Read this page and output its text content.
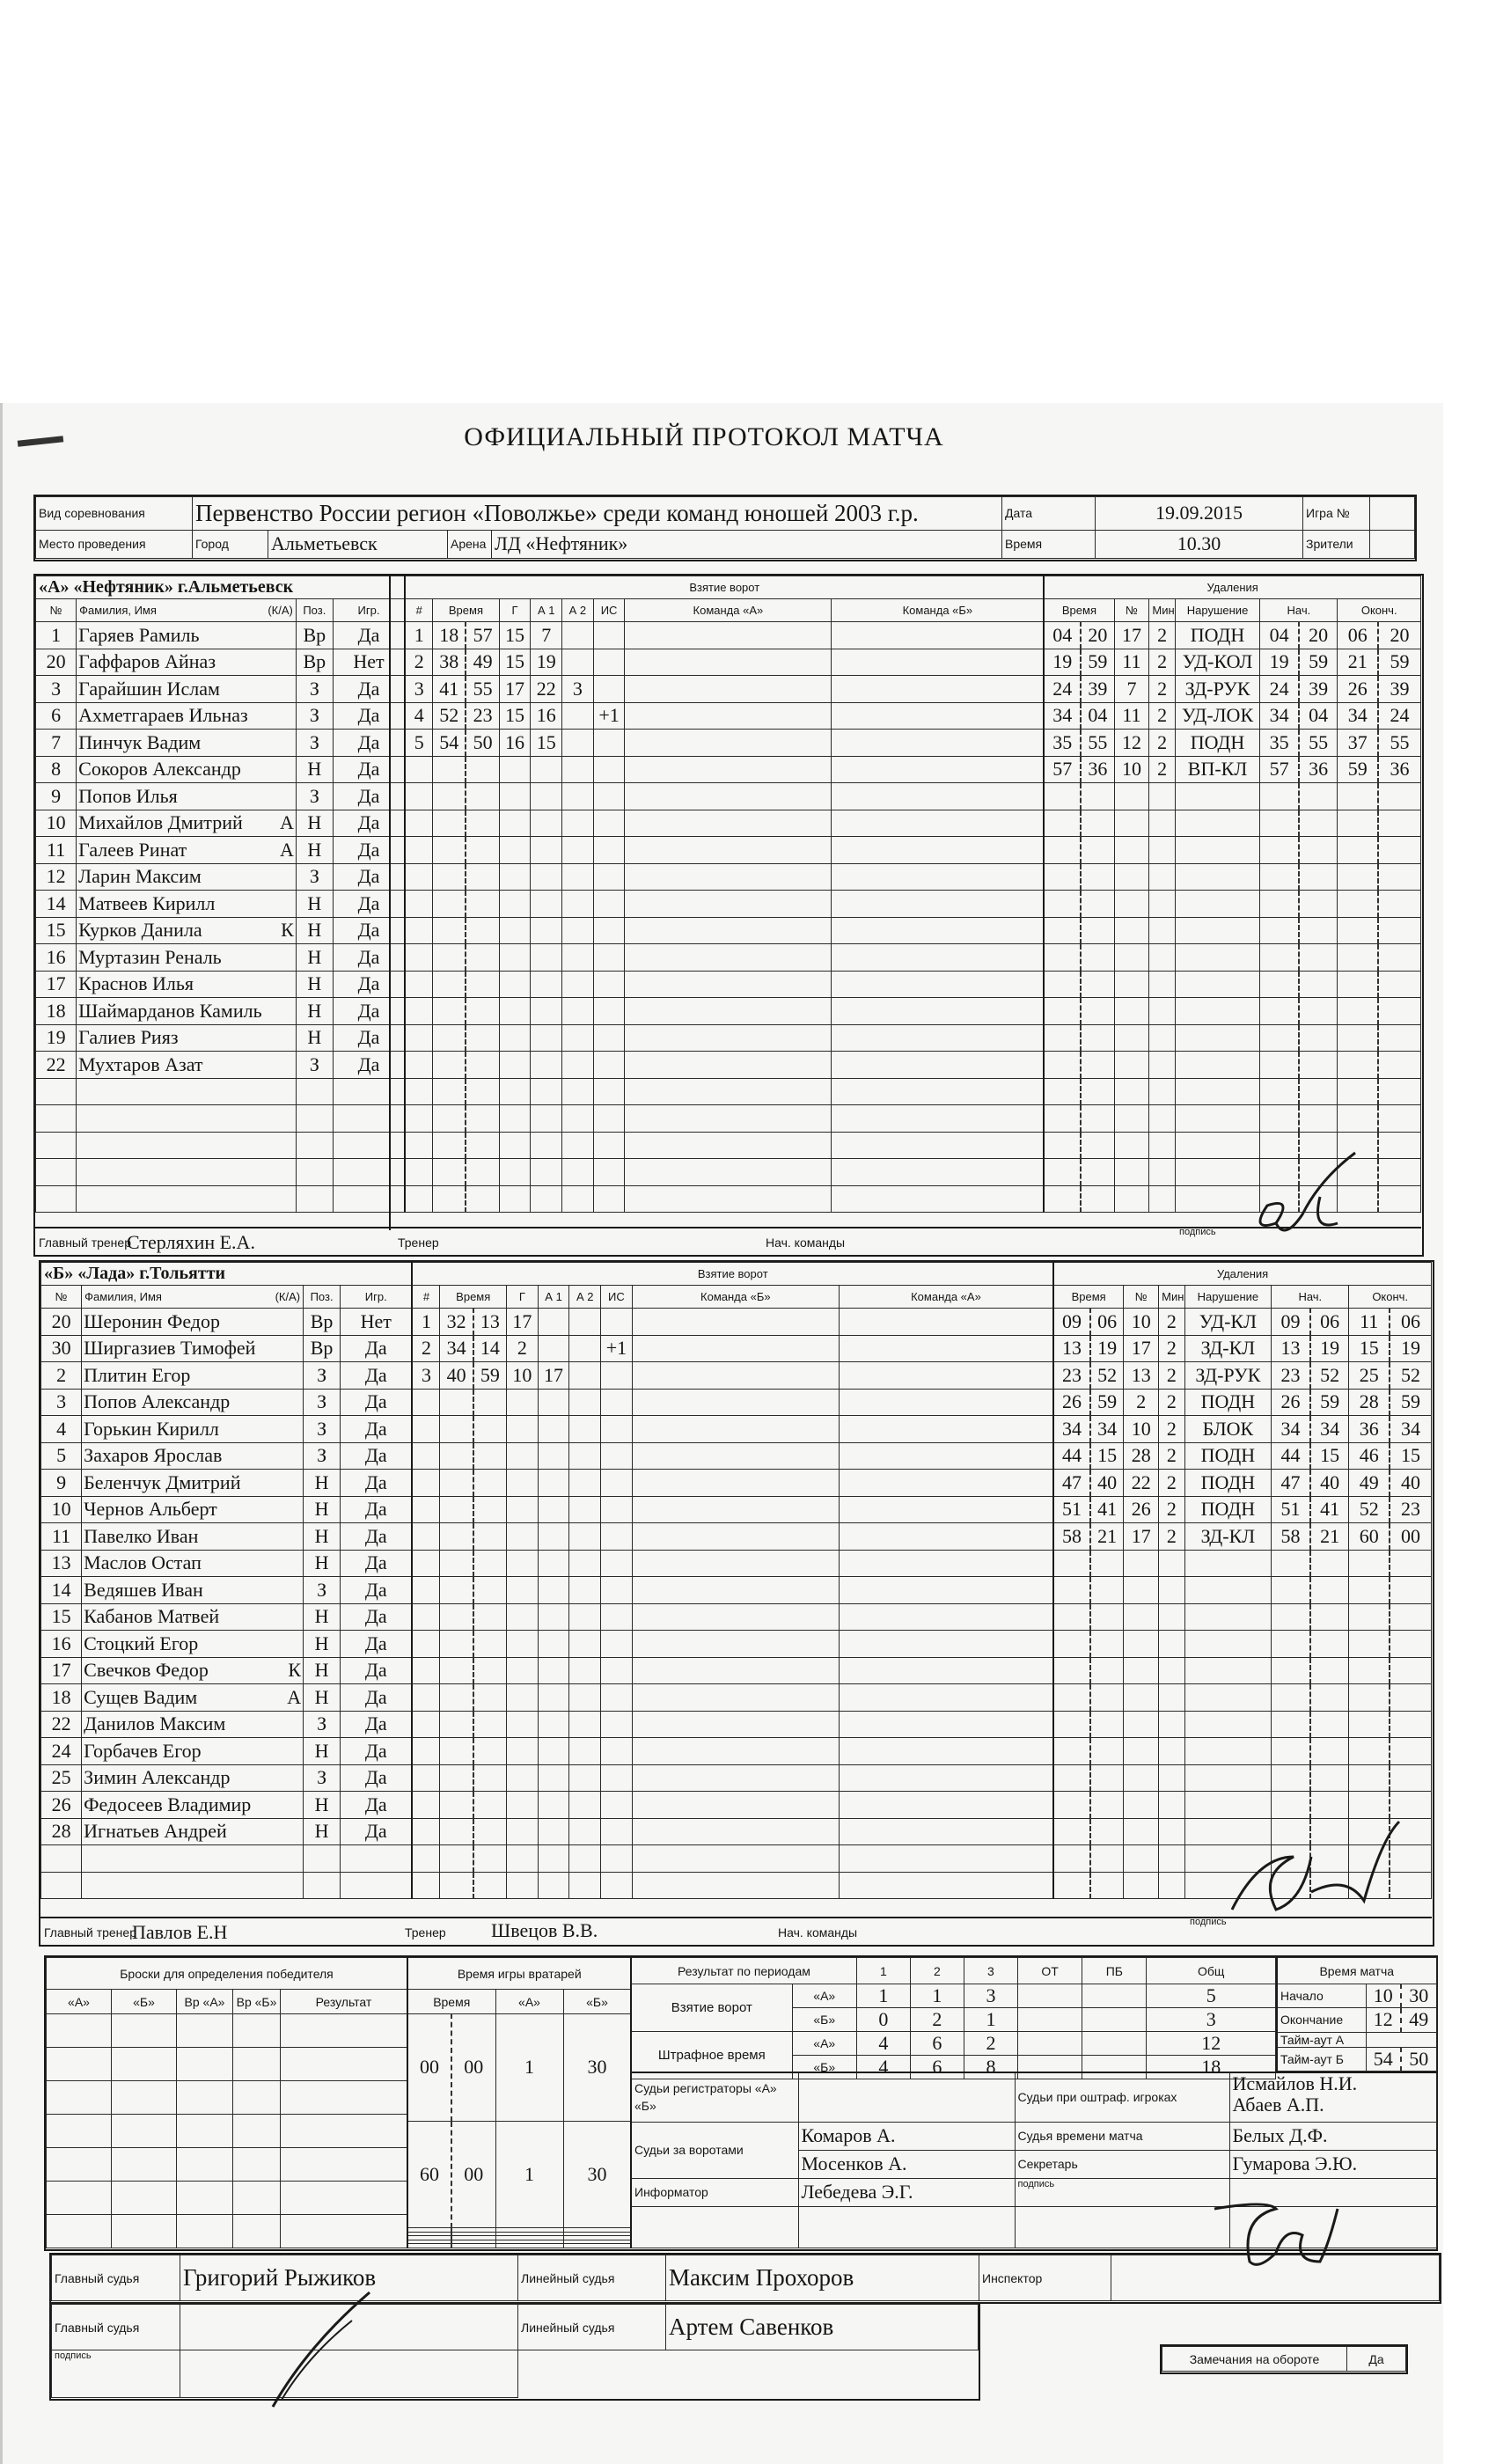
ОФИЦИАЛЬНЫЙ ПРОТОКОЛ МАТЧА
Вид соревнования	Первенство России регион «Поволжье» среди команд юношей 2003 г.р.				Дата	19.09.2015	Игра №	
Место проведения	Город	Альметьевск	Арена	ЛД «Нефтяник»	Время	10.30	Зрители	
«А» «Нефтяник» г.Альметьевск				Взятие ворот									Удаления								
№	Фамилия, Имя (К/А)	Поз.	Игр.	#	Время		Г	А 1	А 2	ИС	Команда «А»	Команда «Б»	Время		№	Мин	Нарушение	Нач.		Оконч.	
1	Гаряев Рамиль	Вр	Да	1	18	57	15	7					04	20	17	2	ПОДН	04	20	06	20
20	Гаффаров Айназ	Вр	Нет	2	38	49	15	19					19	59	11	2	УД-КОЛ	19	59	21	59
3	Гарайшин Ислам	З	Да	3	41	55	17	22	3				24	39	7	2	ЗД-РУК	24	39	26	39
6	Ахметгараев Ильназ	З	Да	4	52	23	15	16		+1			34	04	11	2	УД-ЛОК	34	04	34	24
7	Пинчук Вадим	З	Да	5	54	50	16	15					35	55	12	2	ПОДН	35	55	37	55
8	Сокоров Александр	Н	Да										57	36	10	2	ВП-КЛ	57	36	59	36
9	Попов Илья	З	Да																		
10	Михайлов Дмитрий А	Н	Да																		
11	Галеев Ринат А	Н	Да																		
12	Ларин Максим	З	Да																		
14	Матвеев Кирилл	Н	Да																		
15	Курков Данила К	Н	Да																		
16	Муртазин Реналь	Н	Да																		
17	Краснов Илья	Н	Да																		
18	Шаймарданов Камиль	Н	Да																		
19	Галиев Рияз	Н	Да																		
22	Мухтаров Азат	З	Да																		

Главный тренер
Стерляхин Е.А.	Тренер	Нач. команды
подпись
«Б» «Лада» г.Тольятти				Взятие ворот									Удаления								
№	Фамилия, Имя (К/А)	Поз.	Игр.	#	Время		Г	А 1	А 2	ИС	Команда «Б»	Команда «А»	Время		№	Мин	Нарушение	Нач.		Оконч.	
20	Шеронин Федор	Вр	Нет	1	32	13	17						09	06	10	2	УД-КЛ	09	06	11	06
30	Ширгазиев Тимофей	Вр	Да	2	34	14	2			+1			13	19	17	2	ЗД-КЛ	13	19	15	19
2	Плитин Егор	З	Да	3	40	59	10	17					23	52	13	2	ЗД-РУК	23	52	25	52
3	Попов Александр	З	Да										26	59	2	2	ПОДН	26	59	28	59
4	Горькин Кирилл	З	Да										34	34	10	2	БЛОК	34	34	36	34
5	Захаров Ярослав	З	Да										44	15	28	2	ПОДН	44	15	46	15
9	Беленчук Дмитрий	Н	Да										47	40	22	2	ПОДН	47	40	49	40
10	Чернов Альберт	Н	Да										51	41	26	2	ПОДН	51	41	52	23
11	Павелко Иван	Н	Да										58	21	17	2	ЗД-КЛ	58	21	60	00
13	Маслов Остап	Н	Да																		
14	Ведяшев Иван	З	Да																		
15	Кабанов Матвей	Н	Да																		
16	Стоцкий Егор	Н	Да																		
17	Свечков Федор К	Н	Да																		
18	Сущев Вадим А	Н	Да																		
22	Данилов Максим	З	Да																		
24	Горбачев Егор	Н	Да																		
25	Зимин Александр	З	Да																		
26	Федосеев Владимир	Н	Да																		
28	Игнатьев Андрей	Н	Да																		

Главный тренер
Павлов Е.Н	Тренер Швецов В.В.	Нач. команды
подпись
Броски для определения победителя				
«А»	«Б»	Вр «А»	Вр «Б»	Результат

Время игры вратарей			
Время		«А»	«Б»
00	00	1	30
60	00	1	30

Результат по периодам		1	2	3	ОТ	ПБ	Общ
Взятие ворот	«А»	1	1	3			5
	«Б»	0	2	1			3
Штрафное время	«А»	4	6	2			12
	«Б»	4	6	8			18
Время матча		
Начало	10	30
Окончание	12	49
Тайм-аут А		
Тайм-аут Б	54	50
Судьи регистраторы «А» «Б»		Судьи при оштраф. игроках	Исмайлов Н.И.
Абаев А.П.

Судьи за воротами	Комаров А.	Судья времени матча	Белых Д.Ф.
	Мосенков А.	Секретарь	Гумарова Э.Ю.
Информатор	Лебедева Э.Г.	подпись	

Главный судья	Григорий Рыжиков	Линейный судья	Максим Прохоров	Инспектор	
Главный судья		Линейный судья	Артем Савенков
подпись				Замечания на обороте	Да
